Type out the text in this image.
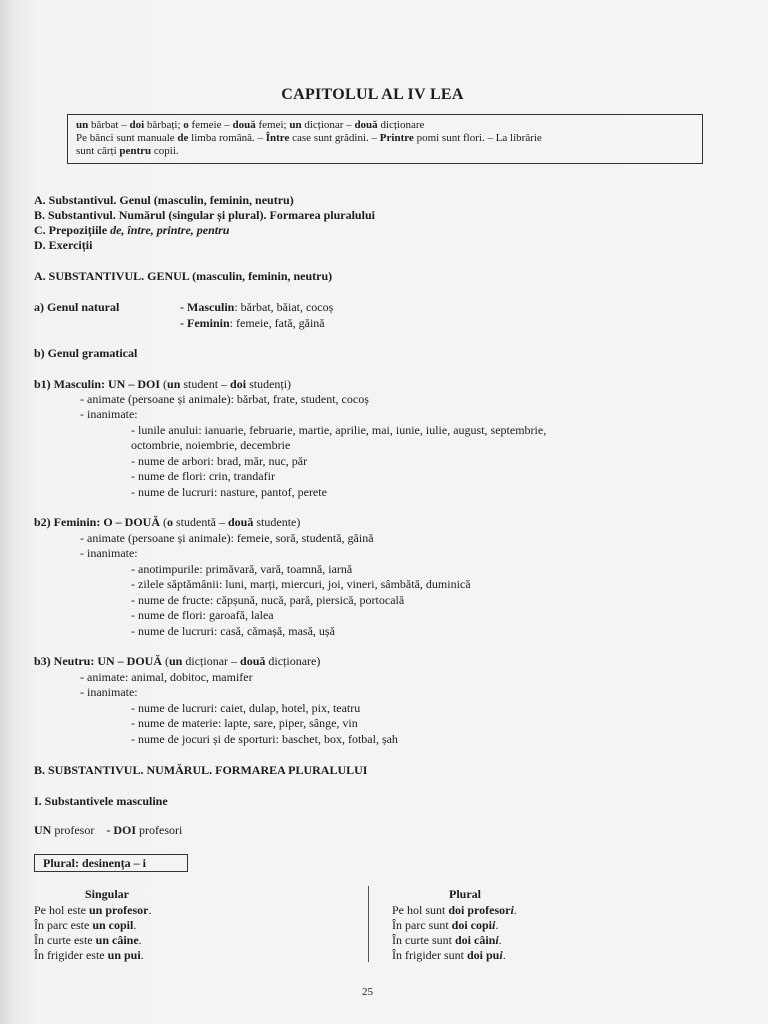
CAPITOLUL AL IV LEA
un bărbat – doi bărbați; o femeie – două femei; un dicționar – două dicționare
Pe bănci sunt manuale de limba română. – Între case sunt grădini. – Printre pomi sunt flori. – La librărie
sunt cărți pentru copii.
A. Substantivul. Genul (masculin, feminin, neutru)
B. Substantivul. Numărul (singular și plural). Formarea pluralului
C. Prepozițiile de, între, printre, pentru
D. Exerciții
A. SUBSTANTIVUL. GENUL (masculin, feminin, neutru)
a) Genul natural	- Masculin: bărbat, băiat, cocoș
- Feminin: femeie, fată, găină
b) Genul gramatical
b1) Masculin: UN – DOI (un student – doi studenți)
- animate (persoane și animale): bărbat, frate, student, cocoș
- inanimate:
- lunile anului: ianuarie, februarie, martie, aprilie, mai, iunie, iulie, august, septembrie,
octombrie, noiembrie, decembrie
- nume de arbori: brad, măr, nuc, păr
- nume de flori: crin, trandafir
- nume de lucruri: nasture, pantof, perete
b2) Feminin: O – DOUĂ (o studentă – două studente)
- animate (persoane și animale): femeie, soră, studentă, găină
- inanimate:
- anotimpurile: primăvară, vară, toamnă, iarnă
- zilele săptămânii: luni, marți, miercuri, joi, vineri, sâmbătă, duminică
- nume de fructe: căpșună, nucă, pară, piersică, portocală
- nume de flori: garoafă, lalea
- nume de lucruri: casă, cămașă, masă, ușă
b3) Neutru: UN – DOUĂ (un dicționar – două dicționare)
- animate: animal, dobitoc, mamifer
- inanimate:
- nume de lucruri: caiet, dulap, hotel, pix, teatru
- nume de materie: lapte, sare, piper, sânge, vin
- nume de jocuri și de sporturi: baschet, box, fotbal, șah
B. SUBSTANTIVUL. NUMĂRUL. FORMAREA PLURALULUI
I. Substantivele masculine
UN profesor    - DOI profesori
Plural: desinența – i
Singular	Plural
Pe hol este un profesor.
În parc este un copil.
În curte este un câine.
În frigider este un pui.
Pe hol sunt doi profesori.
În parc sunt doi copii.
În curte sunt doi câini.
În frigider sunt doi pui.
25
